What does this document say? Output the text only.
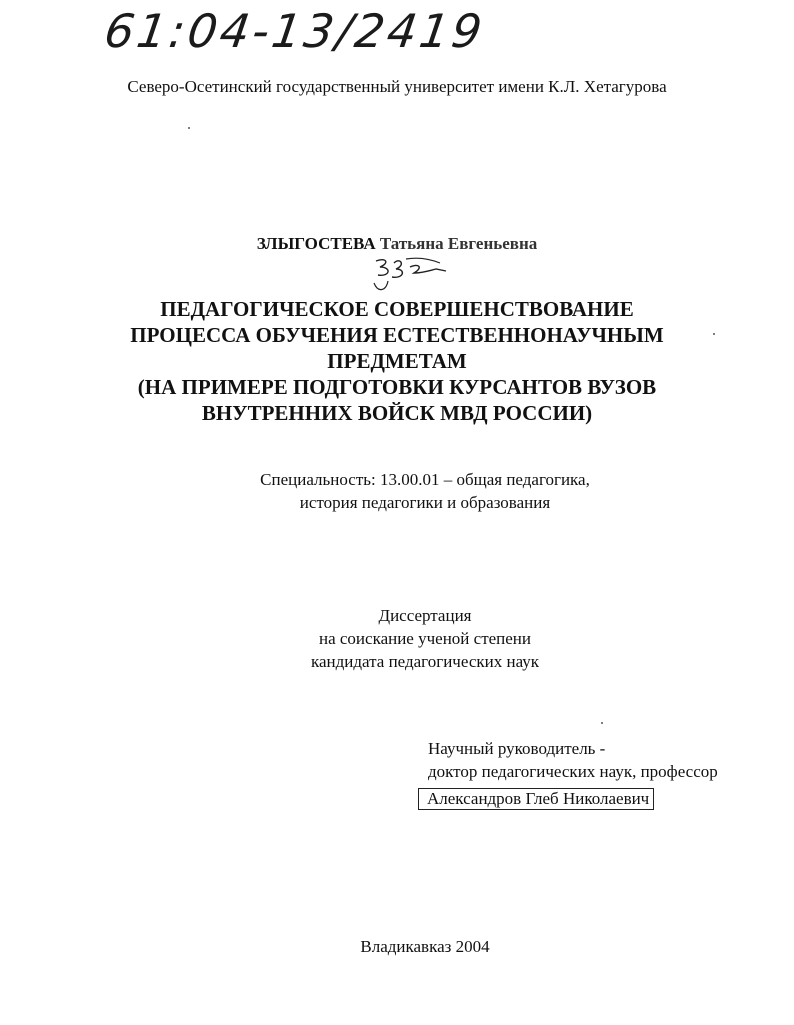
61:04-13/2419
Северо-Осетинский государственный университет имени К.Л. Хетагурова
ЗЛЫГОСТЕВА Татьяна Евгеньевна
ПЕДАГОГИЧЕСКОЕ СОВЕРШЕНСТВОВАНИЕ
ПРОЦЕССА ОБУЧЕНИЯ ЕСТЕСТВЕННОНАУЧНЫМ
ПРЕДМЕТАМ
(НА ПРИМЕРЕ ПОДГОТОВКИ КУРСАНТОВ ВУЗОВ
ВНУТРЕННИХ ВОЙСК МВД РОССИИ)
Специальность: 13.00.01 – общая педагогика,
история педагогики и образования
Диссертация
на соискание ученой степени
кандидата педагогических наук
Научный руководитель -
доктор педагогических наук, профессор
Александров Глеб Николаевич
Владикавказ 2004
